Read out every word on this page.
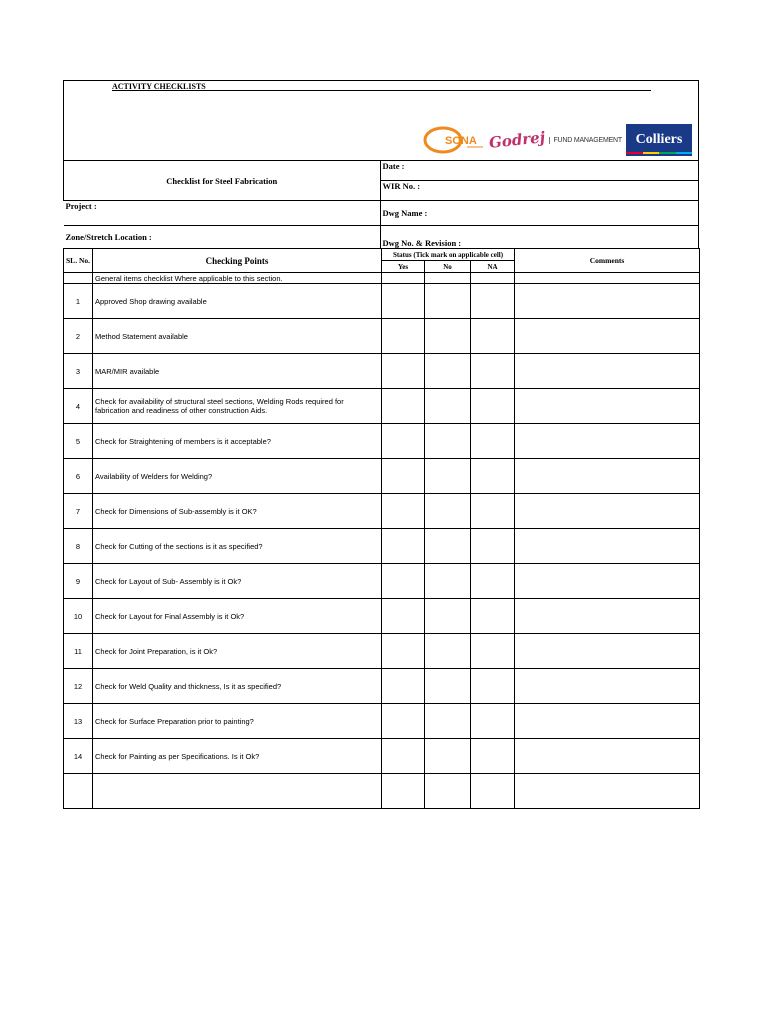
ACTIVITY CHECKLISTS
SONA Godrej	FUND MANAGEMENT Colliers
Checklist for Steel Fabrication	Date :
	WIR No. :
Project :	Dwg Name :
Zone/Stretch Location :	Dwg No. & Revision :
SL. No.	Checking Points	Status (Tick mark on applicable cell)			Comments
		Yes	No	NA	
	General items checklist Where applicable to this section.				
1	Approved Shop drawing available				
2	Method Statement available				
3	MAR/MIR available				
4	Check for availability of structural steel sections, Welding Rods required for fabrication and readiness of other construction Aids.				
5	Check for Straightening of members is it acceptable?				
6	Availability of Welders for Welding?				
7	Check for Dimensions of Sub-assembly is it OK?				
8	Check for Cutting of the sections is it as specified?				
9	Check for Layout of Sub- Assembly is it Ok?				
10	Check for Layout for Final Assembly is it Ok?				
11	Check for Joint Preparation, is it Ok?				
12	Check for Weld Quality and thickness, Is it as specified?				
13	Check for Surface Preparation prior to painting?				
14	Check for Painting as per Specifications. Is it Ok?				
